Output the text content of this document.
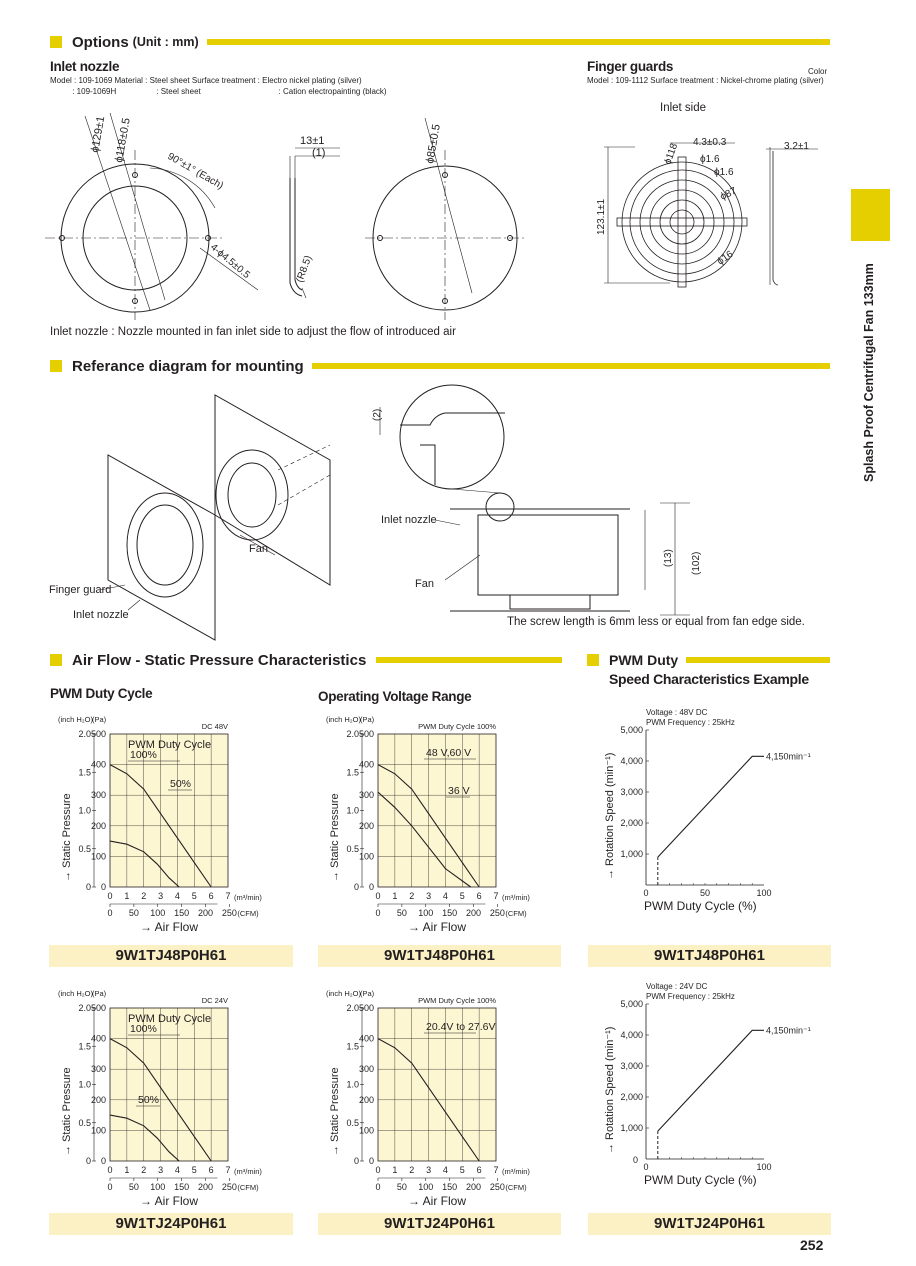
Splash Proof Centrifugal Fan 133mm
Options (Unit : mm)
Inlet nozzle
Model : 109-1069 Material : Steel sheet Surface treatment : Electro nickel plating (silver)
: 109-1069H                  : Steel sheet                                   : Cation electropainting (black)
ϕ129±1 ϕ118±0.5
90°±1° (Each)
4-ϕ4.5±0.5
13±1
(1)
(R8.5)
ϕ85±0.5
Inlet nozzle : Nozzle mounted in fan inlet side to adjust the flow of introduced air
Finger guards	Color
Model : 109-1112 Surface treatment : Nickel-chrome plating (silver)
Inlet side
ϕ118 4.3±0.3
ϕ1.6
ϕ1.6
ϕ87
ϕ16
123.1±1
3.2±1
Referance diagram for mounting
Fan
Finger guard
Inlet nozzle
(2)
Inlet nozzle
Fan
(13) (102)
The screw length is 6mm less or equal from fan edge side.
Air Flow - Static Pressure Characteristics	PWM Duty
Speed Characteristics Example
PWM Duty Cycle	Operating Voltage Range
0
100
200
300
400
500
0
0.5
1.0
1.5
2.0
(inch H₂O) (Pa)
DC 48V
→ Static Pressure
0 1 2 3 4 5 6 7 (m³/min)
0 50 100 150 200 250 (CFM)
→ Air Flow
PWM Duty Cycle
100%
50%
0
100
200
300
400
500
0
0.5
1.0
1.5
2.0
(inch H₂O) (Pa)
PWM Duty Cycle 100%
→ Static Pressure
0 1 2 3 4 5 6 7 (m³/min)
0 50 100 150 200 250 (CFM)
→ Air Flow
48 V,60 V
36 V
Voltage : 48V DC
PWM Frequency : 25kHz
1,000
2,000
3,000
4,000
5,000
0	50	100
→ Rotation Speed (min⁻¹)
PWM Duty Cycle (%)
4,150min⁻¹
0
100
200
300
400
500
0
0.5
1.0
1.5
2.0
(inch H₂O) (Pa)
DC 24V
→ Static Pressure
0 1 2 3 4 5 6 7 (m³/min)
0 50 100 150 200 250 (CFM)
→ Air Flow
PWM Duty Cycle
100%
50%
0
100
200
300
400
500
0
0.5
1.0
1.5
2.0
(inch H₂O) (Pa)
PWM Duty Cycle 100%
→ Static Pressure
0 1 2 3 4 5 6 7 (m³/min)
0 50 100 150 200 250 (CFM)
→ Air Flow
20.4V to 27.6V
Voltage : 24V DC
PWM Frequency : 25kHz
1,000
2,000
3,000
4,000
5,000
0	100
0
→ Rotation Speed (min⁻¹)
PWM Duty Cycle (%)
4,150min⁻¹
9W1TJ48P0H61	9W1TJ48P0H61	9W1TJ48P0H61
9W1TJ24P0H61	9W1TJ24P0H61	9W1TJ24P0H61
252
